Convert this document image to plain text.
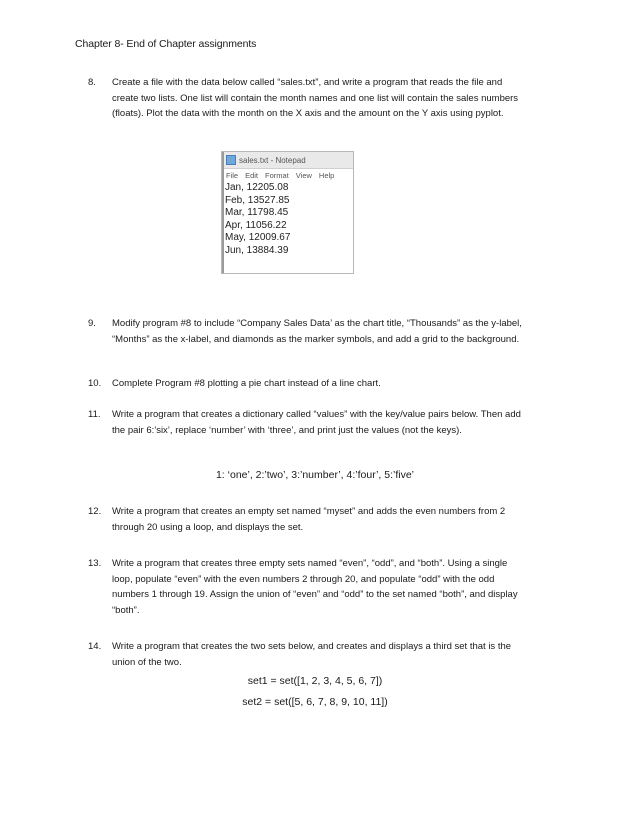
Chapter 8- End of Chapter assignments
8.	Create a file with the data below called “sales.txt”, and write a program that reads the file and create two lists. One list will contain the month names and one list will contain the sales numbers (floats). Plot the data with the month on the X axis and the amount on the Y axis using pyplot.
sales.txt - Notepad
File Edit Format View Help
Jan, 12205.08
Feb, 13527.85
Mar, 11798.45
Apr, 11056.22
May, 12009.67
Jun, 13884.39
9.	Modify program #8 to include “Company Sales Data’ as the chart title, “Thousands” as the y-label, “Months” as the x-label, and diamonds as the marker symbols, and add a grid to the background.
10.	Complete Program #8 plotting a pie chart instead of a line chart.
11.	Write a program that creates a dictionary called “values” with the key/value pairs below. Then add the pair 6:’six’, replace ‘number’ with ‘three’, and print just the values (not the keys).
1: ‘one’, 2:’two’, 3:’number’, 4:’four’, 5:’five’
12.	Write a program that creates an empty set named “myset” and adds the even numbers from 2 through 20 using a loop, and displays the set.
13.	Write a program that creates three empty sets named “even”, “odd”, and “both”. Using a single loop, populate “even” with the even numbers 2 through 20, and populate “odd” with the odd numbers 1 through 19. Assign the union of “even” and “odd” to the set named “both”, and display “both”.
14.	Write a program that creates the two sets below, and creates and displays a third set that is the union of the two.
set1 = set([1, 2, 3, 4, 5, 6, 7])
set2 = set([5, 6, 7, 8, 9, 10, 11])
